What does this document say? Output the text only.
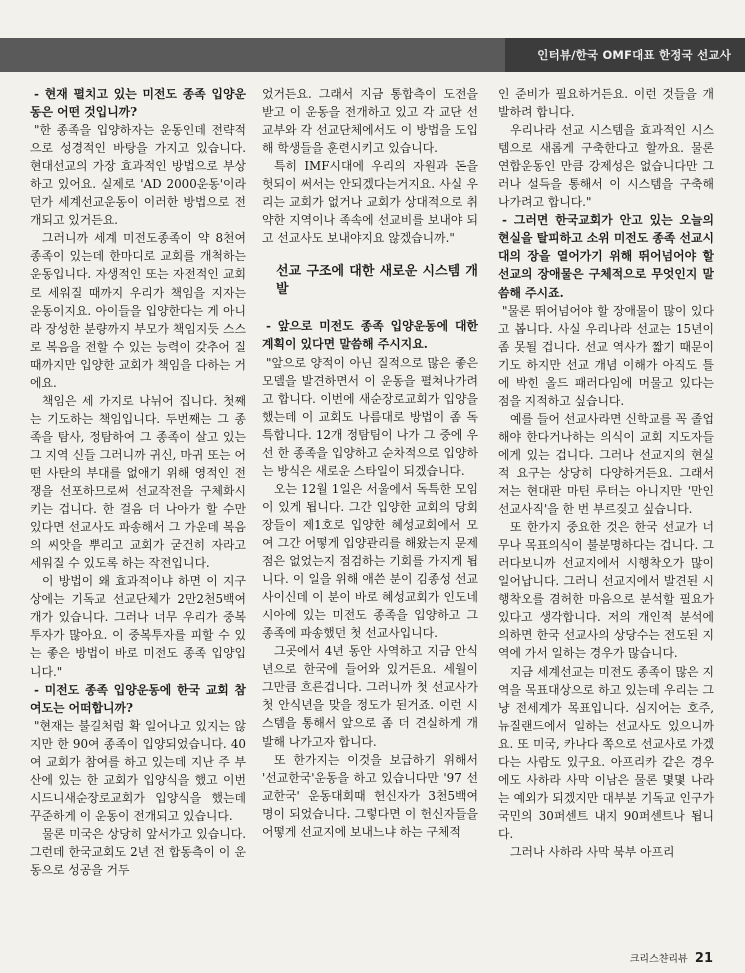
인터뷰/한국 OMF대표 한정국 선교사

- 현재 펼치고 있는 미전도 종족 입양운동은 어떤 것입니까?

"한 종족을 입양하자는 운동인데 전략적으로 성경적인 바탕을 가지고 있습니다. 현대선교의 가장 효과적인 방법으로 부상하고 있어요. 실제로 'AD 2000운동'이라던가 세계선교운동이 이러한 방법으로 전개되고 있거든요.

그러니까 세계 미전도종족이 약 8천여 종족이 있는데 한마디로 교회를 개척하는 운동입니다. 자생적인 또는 자전적인 교회로 세워질 때까지 우리가 책임을 지자는 운동이지요. 아이들을 입양한다는 게 아니라 장성한 분량까지 부모가 책임지듯 스스로 복음을 전할 수 있는 능력이 갖추어 질때까지만 입양한 교회가 책임을 다하는 거에요.

책임은 세 가지로 나뉘어 집니다. 첫째는 기도하는 책임입니다. 두번째는 그 종족을 탐사, 정탐하여 그 종족이 살고 있는 그 지역 신들 그러니까 귀신, 마귀 또는 어떤 사탄의 부대를 없애기 위해 영적인 전쟁을 선포하므로써 선교작전을 구체화시키는 겁니다. 한 걸음 더 나아가 할 수만 있다면 선교사도 파송해서 그 가운데 복음의 씨앗을 뿌리고 교회가 굳건히 자라고 세워질 수 있도록 하는 작전입니다.

이 방법이 왜 효과적이냐 하면 이 지구상에는 기독교 선교단체가 2만2천5백여 개가 있습니다. 그러나 너무 우리가 중복투자가 많아요. 이 중복투자를 피할 수 있는 좋은 방법이 바로 미전도 종족 입양입니다."

- 미전도 종족 입양운동에 한국 교회 참여도는 어떠합니까?

"현재는 불길처럼 확 일어나고 있지는 않지만 한 90여 종족이 입양되었습니다. 40여 교회가 참여를 하고 있는데 지난 주 부산에 있는 한 교회가 입양식을 했고 이번 시드니새순장로교회가 입양식을 했는데 꾸준하게 이 운동이 전개되고 있습니다.

물론 미국은 상당히 앞서가고 있습니다. 그런데 한국교회도 2년 전 합동측이 이 운동으로 성공을 거두

었거든요. 그래서 지금 통합측이 도전을 받고 이 운동을 전개하고 있고 각 교단 선교부와 각 선교단체에서도 이 방법을 도입해 학생들을 훈련시키고 있습니다.

특히 IMF시대에 우리의 자원과 돈을 헛되이 써서는 안되겠다는거지요. 사실 우리는 교회가 없거나 교회가 상대적으로 취약한 지역이나 족속에 선교비를 보내야 되고 선교사도 보내야지요 않겠습니까."

선교 구조에 대한 새로운 시스템 개발

- 앞으로 미전도 종족 입양운동에 대한 계획이 있다면 말씀해 주시지요.

"앞으로 양적이 아닌 질적으로 많은 좋은 모델을 발견하면서 이 운동을 펼쳐나가려고 합니다. 이번에 새순장로교회가 입양을 했는데 이 교회도 나름대로 방법이 좀 독특합니다. 12개 정탐팀이 나가 그 중에 우선 한 종족을 입양하고 순차적으로 입양하는 방식은 새로운 스타일이 되겠습니다.

오는 12월 1일은 서울에서 독특한 모임이 있게 됩니다. 그간 입양한 교회의 당회장들이 제1호로 입양한 혜성교회에서 모여 그간 어떻게 입양관리를 해왔는지 문제점은 없었는지 점검하는 기회를 가지게 됩니다. 이 일을 위해 애쓴 분이 김종성 선교사이신데 이 분이 바로 혜성교회가 인도네시아에 있는 미전도 종족을 입양하고 그 종족에 파송했던 첫 선교사입니다.

그곳에서 4년 동안 사역하고 지금 안식년으로 한국에 들어와 있거든요. 세월이 그만큼 흐른겁니다. 그러니까 첫 선교사가 첫 안식년을 맞을 정도가 된거죠. 이런 시스템을 통해서 앞으로 좀 더 견실하게 개발해 나가고자 합니다.

또 한가지는 이것을 보급하기 위해서 '선교한국'운동을 하고 있습니다만 '97 선교한국' 운동대회때 헌신자가 3천5백여 명이 되었습니다. 그렇다면 이 헌신자들을 어떻게 선교지에 보내느냐 하는 구체적

인 준비가 필요하거든요. 이런 것들을 개발하려 합니다.

우리나라 선교 시스템을 효과적인 시스템으로 새롭게 구축한다고 할까요. 물론 연합운동인 만큼 강제성은 없습니다만 그러나 설득을 통해서 이 시스템을 구축해 나가려고 합니다."

- 그러면 한국교회가 안고 있는 오늘의 현실을 탈피하고 소위 미전도 종족 선교시대의 장을 열어가기 위해 뛰어넘어야 할 선교의 장애물은 구체적으로 무엇인지 말씀해 주시죠.

"물론 뛰어넘어야 할 장애물이 많이 있다고 봅니다. 사실 우리나라 선교는 15년이 좀 못될 겁니다. 선교 역사가 짧기 때문이기도 하지만 선교 개념 이해가 아직도 틀에 박힌 올드 패러다임에 머물고 있다는 점을 지적하고 싶습니다.

예를 들어 선교사라면 신학교를 꼭 졸업해야 한다거나하는 의식이 교회 지도자들에게 있는 겁니다. 그러나 선교지의 현실적 요구는 상당히 다양하거든요. 그래서 저는 현대판 마틴 루터는 아니지만 '만인 선교사직'을 한 번 부르짖고 싶습니다.

또 한가지 중요한 것은 한국 선교가 너무나 목표의식이 불분명하다는 겁니다. 그러다보니까 선교지에서 시행착오가 많이 일어납니다. 그러니 선교지에서 발견된 시행착오를 겸허한 마음으로 분석할 필요가 있다고 생각합니다. 저의 개인적 분석에 의하면 한국 선교사의 상당수는 전도된 지역에 가서 일하는 경우가 많습니다.

지금 세계선교는 미전도 종족이 많은 지역을 목표대상으로 하고 있는데 우리는 그냥 전세계가 목표입니다. 심지어는 호주, 뉴질랜드에서 일하는 선교사도 있으니까요. 또 미국, 카나다 쪽으로 선교사로 가겠다는 사람도 있구요. 아프리카 같은 경우에도 사하라 사막 이남은 물론 몇몇 나라는 예외가 되겠지만 대부분 기독교 인구가 국민의 30퍼센트 내지 90퍼센트나 됩니다.

그러나 사하라 사막 북부 아프리

크리스챤리뷰 21
